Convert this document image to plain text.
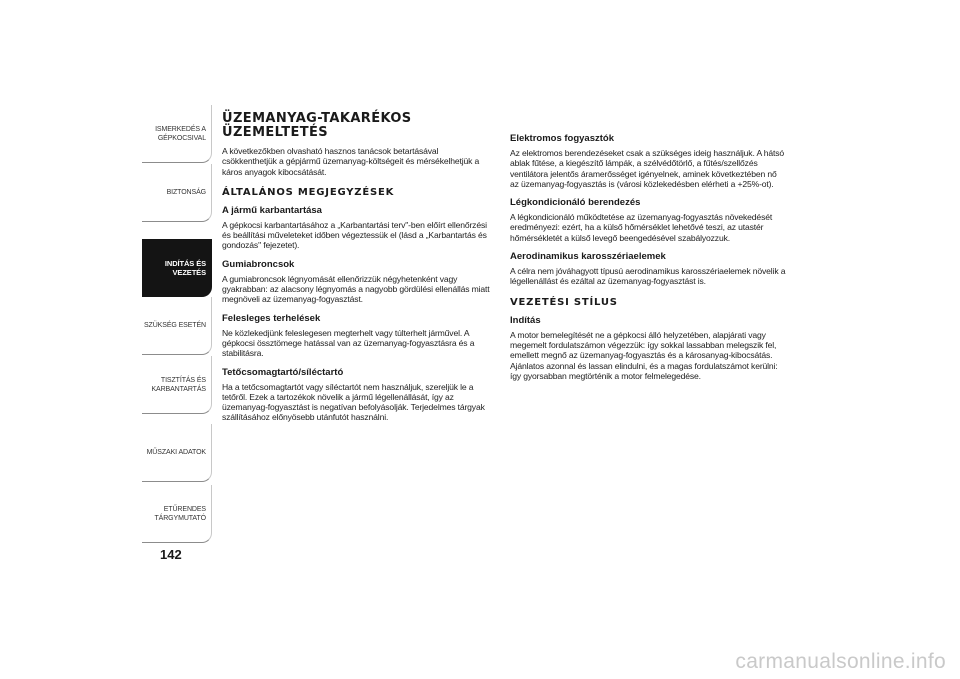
ISMERKEDÉS A
GÉPKOCSIVAL
BIZTONSÁG
INDÍTÁS ÉS
VEZETÉS
SZÜKSÉG ESETÉN
TISZTÍTÁS ÉS
KARBANTARTÁS
MŰSZAKI ADATOK
ETŰRENDES
TÁRGYMUTATÓ
142
ÜZEMANYAG-TAKARÉKOS ÜZEMELTETÉS
A következőkben olvasható hasznos tanácsok betartásával csökkenthetjük a gépjármű üzemanyag-költségeit és mérsékelhetjük a káros anyagok kibocsátását.
ÁLTALÁNOS MEGJEGYZÉSEK
A jármű karbantartása
A gépkocsi karbantartásához a „Karbantartási terv"-ben előírt ellenőrzési és beállítási műveleteket időben végeztessük el (lásd a „Karbantartás és gondozás" fejezetet).
Gumiabroncsok
A gumiabroncsok légnyomását ellenőrizzük négyhetenként vagy gyakrabban: az alacsony légnyomás a nagyobb gördülési ellenállás miatt megnöveli az üzemanyag-fogyasztást.
Felesleges terhelések
Ne közlekedjünk feleslegesen megterhelt vagy túlterhelt járművel. A gépkocsi össztömege hatással van az üzemanyag-fogyasztásra és a stabilitásra.
Tetőcsomagtartó/síléctartó
Ha a tetőcsomagtartót vagy síléctartót nem használjuk, szereljük le a tetőről. Ezek a tartozékok növelik a jármű légellenállását, így az üzemanyag-fogyasztást is negatívan befolyásolják. Terjedelmes tárgyak szállításához előnyösebb utánfutót használni.
Elektromos fogyasztók
Az elektromos berendezéseket csak a szükséges ideig használjuk. A hátsó ablak fűtése, a kiegészítő lámpák, a szélvédőtörlő, a fűtés/szellőzés ventilátora jelentős áramerősséget igényelnek, aminek következtében nő az üzemanyag-fogyasztás is (városi közlekedésben elérheti a +25%-ot).
Légkondicionáló berendezés
A légkondicionáló működtetése az üzemanyag-fogyasztás növekedését eredményezi: ezért, ha a külső hőmérséklet lehetővé teszi, az utastér hőmérsékletét a külső levegő beengedésével szabályozzuk.
Aerodinamikus karosszériaelemek
A célra nem jóváhagyott típusú aerodinamikus karosszériaelemek növelik a légellenállást és ezáltal az üzemanyag-fogyasztást is.
VEZETÉSI STÍLUS
Indítás
A motor bemelegítését ne a gépkocsi álló helyzetében, alapjárati vagy megemelt fordulatszámon végezzük: így sokkal lassabban melegszik fel, emellett megnő az üzemanyag-fogyasztás és a károsanyag-kibocsátás. Ajánlatos azonnal és lassan elindulni, és a magas fordulatszámot kerülni: így gyorsabban megtörténik a motor felmelegedése.
carmanualsonline.info
